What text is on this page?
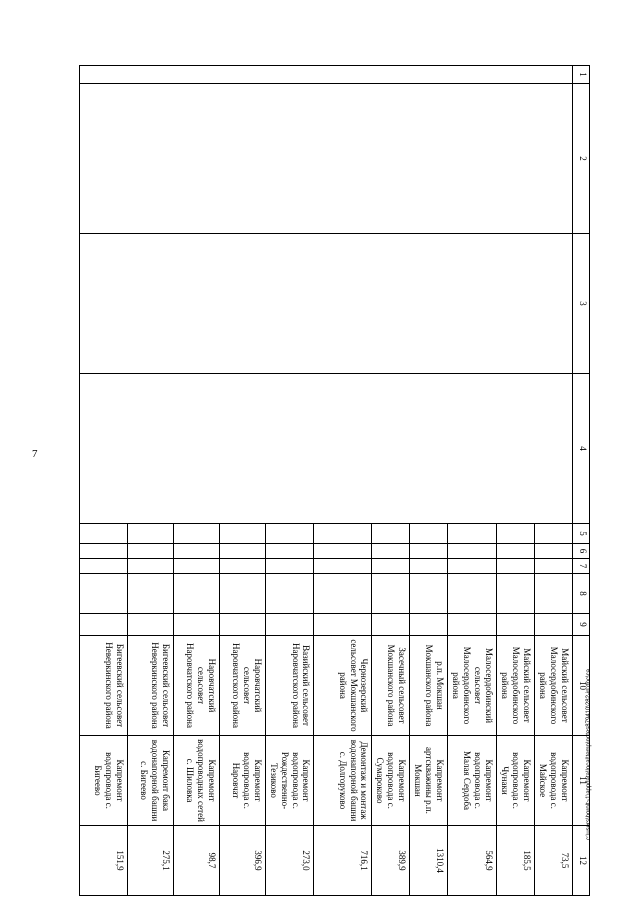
7
1	2	3	4	5	6	7	8	9	10	11	12
									Майский сельсовет Малосердобинского района	Капремонт водопровода с. Майское	73,5
									Майский сельсовет Малосердобинского района	Капремонт водопровода с. Чунаки	185,5
									Малосердобинский сельсовет Малосердобинского района	Капремонт водопровода с. Малая Сердоба	564,9
									р.п. Мокшан Мокшанского района	Капремонт артскважины р.п. Мокшан	1310,4
									Засечный сельсовет Мокшанского района	Капремонт водопровода с. Сумароково	389,9
									Чернозерский сельсовет Мокшанского района	Демонтаж и монтаж водонапорной башни с. Долгоруково	716,1
									Вазийский сельсовет Наровчатского района	Капремонт водопровода с. Рождественно-Тезиково	273,0
									Наровчатский сельсовет Наровчатского района	Капремонт водопровода с. Наровчат	396,9
									Наровчатский сельсовет Наровчатского района	Капремонт водопроводных сетей с. Шиловка	98,7
									Бигеевский сельсовет Неверкинского района	Капремонт бака водонапорной башни с. Бигеево	275,1
									Бигеевский сельсовет Неверкинского района	Капремонт водопровода с. Бигеево	151,9
c:\users\borolt~1\appdata\local\temp\notes879410\282-in.doc\ca
